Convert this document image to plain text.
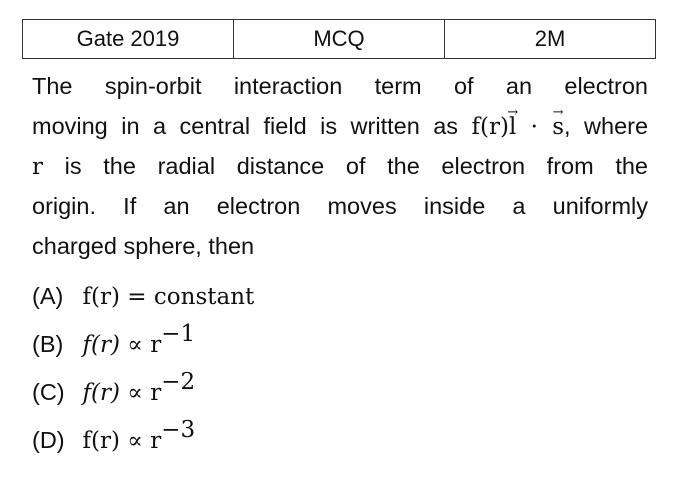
Gate 2019	MCQ	2M
The spin-orbit interaction term of an electron
moving in a central field is written as f(r)→ l · → s, where
r is the radial distance of the electron from the
origin. If an electron moves inside a uniformly
charged sphere, then
(A) f(r) = constant
(B) $f(r) \propto r^{-1}$
(C) $f(r) \propto r^{-2}$
(D) $f(r) \propto r^{-3}$
